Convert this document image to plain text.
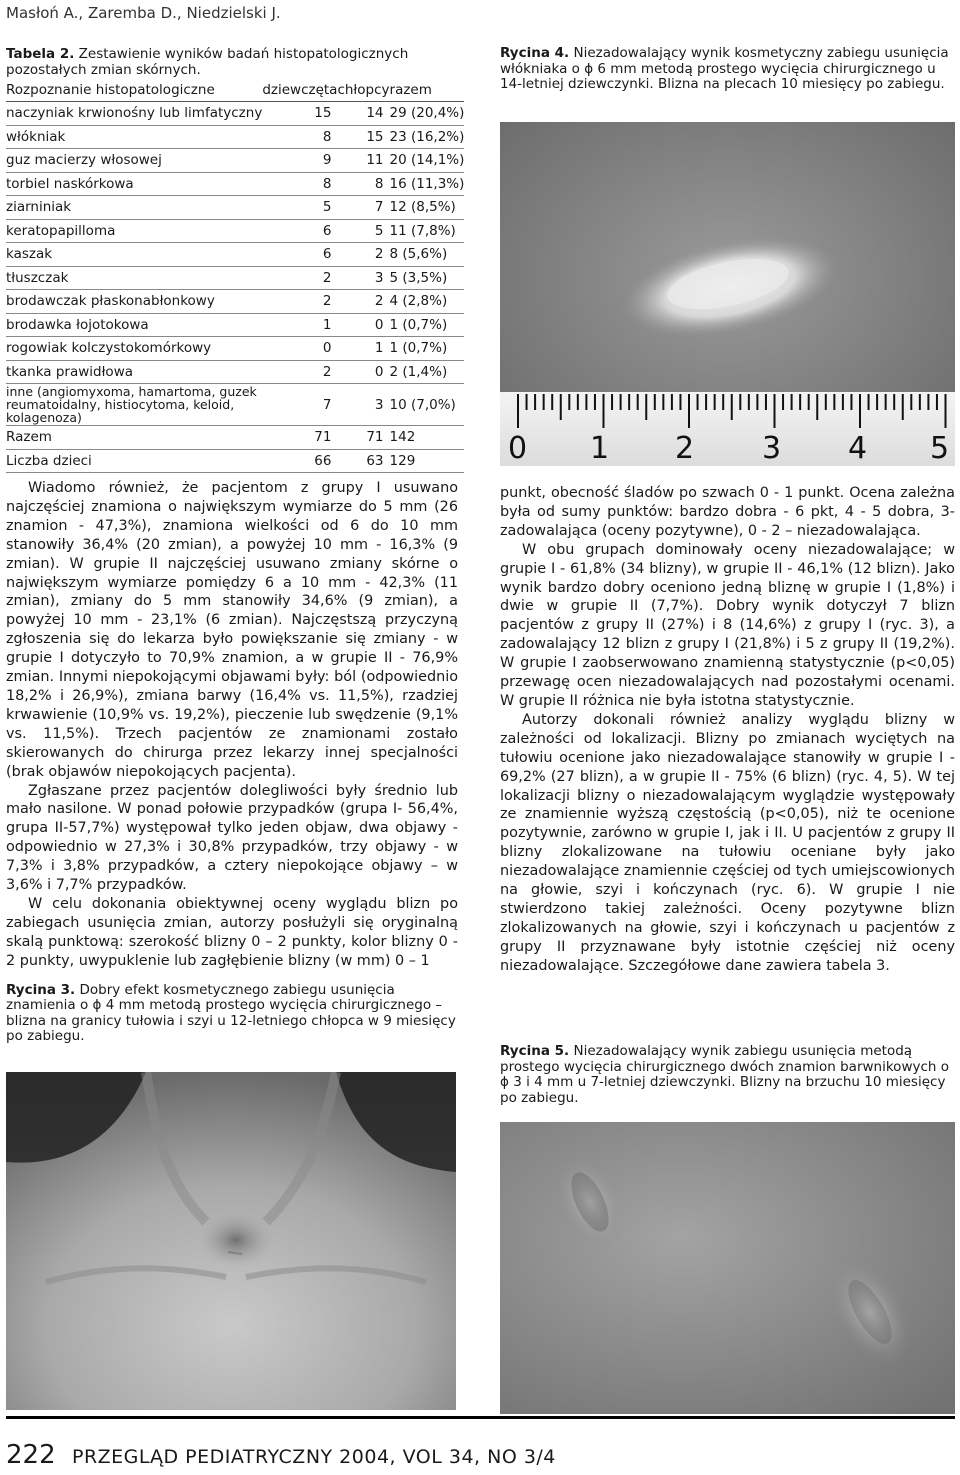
Masłoń A., Zaremba D., Niedzielski J.

Tabela 2. Zestawienie wyników badań histopatologicznych pozostałych zmian skórnych.

Rozpoznanie histopatologiczne	dziewczęta	chłopcy	razem
naczyniak krwionośny lub limfatyczny	15	14	29 (20,4%)
włókniak	8	15	23 (16,2%)
guz macierzy włosowej	9	11	20 (14,1%)
torbiel naskórkowa	8	8	16 (11,3%)
ziarniniak	5	7	12 (8,5%)
keratopapilloma	6	5	11 (7,8%)
kaszak	6	2	8 (5,6%)
tłuszczak	2	3	5 (3,5%)
brodawczak płaskonabłonkowy	2	2	4 (2,8%)
brodawka łojotokowa	1	0	1 (0,7%)
rogowiak kolczystokomórkowy	0	1	1 (0,7%)
tkanka prawidłowa	2	0	2 (1,4%)
inne (angiomyxoma, hamartoma, guzek reumatoidalny, histiocytoma, keloid, kolagenoza)	7	3	10 (7,0%)
Razem	71	71	142
Liczba dzieci	66	63	129

Wiadomo również, że pacjentom z grupy I usuwano najczęściej znamiona o największym wymiarze do 5 mm (26 znamion - 47,3%), znamiona wielkości od 6 do 10 mm stanowiły 36,4% (20 zmian), a powyżej 10 mm - 16,3% (9 zmian). W grupie II najczęściej usuwano zmiany skórne o największym wymiarze pomiędzy 6 a 10 mm - 42,3% (11 zmian), zmiany do 5 mm stanowiły 34,6% (9 zmian), a powyżej 10 mm - 23,1% (6 zmian). Najczęstszą przyczyną zgłoszenia się do lekarza było powiększanie się zmiany - w grupie I dotyczyło to 70,9% znamion, a w grupie II - 76,9% zmian. Innymi niepokojącymi objawami były: ból (odpowiednio 18,2% i 26,9%), zmiana barwy (16,4% vs. 11,5%), rzadziej krwawienie (10,9% vs. 19,2%), pieczenie lub swędzenie (9,1% vs. 11,5%). Trzech pacjentów ze znamionami zostało skierowanych do chirurga przez lekarzy innej specjalności (brak objawów niepokojących pacjenta).

Zgłaszane przez pacjentów dolegliwości były średnio lub mało nasilone. W ponad połowie przypadków (grupa I- 56,4%, grupa II-57,7%) występował tylko jeden objaw, dwa objawy - odpowiednio w 27,3% i 30,8% przypadków, trzy objawy - w 7,3% i 3,8% przypadków, a cztery niepokojące objawy – w 3,6% i 7,7% przypadków.

W celu dokonania obiektywnej oceny wyglądu blizn po zabiegach usunięcia zmian, autorzy posłużyli się oryginalną skalą punktową: szerokość blizny 0 – 2 punkty, kolor blizny 0 - 2 punkty, uwypuklenie lub zagłębienie blizny (w mm) 0 – 1

Rycina 3. Dobry efekt kosmetycznego zabiegu usunięcia znamienia o ϕ 4 mm metodą prostego wycięcia chirurgicznego – blizna na granicy tułowia i szyi u 12-letniego chłopca w 9 miesięcy po zabiegu.

Rycina 4. Niezadowalający wynik kosmetyczny zabiegu usunięcia włókniaka o ϕ 6 mm metodą prostego wycięcia chirurgicznego u 14-letniej dziewczynki. Blizna na plecach 10 miesięcy po zabiegu.

punkt, obecność śladów po szwach 0 - 1 punkt. Ocena zależna była od sumy punktów: bardzo dobra - 6 pkt, 4 - 5 dobra, 3- zadowalająca (oceny pozytywne), 0 - 2 – niezadowalająca.

W obu grupach dominowały oceny niezadowalające; w grupie I - 61,8% (34 blizny), w grupie II - 46,1% (12 blizn). Jako wynik bardzo dobry oceniono jedną bliznę w grupie I (1,8%) i dwie w grupie II (7,7%). Dobry wynik dotyczył 7 blizn pacjentów z grupy II (27%) i 8 (14,6%) z grupy I (ryc. 3), a zadowalający 12 blizn z grupy I (21,8%) i 5 z grupy II (19,2%). W grupie I zaobserwowano znamienną statystycznie (p<0,05) przewagę ocen niezadowalających nad pozostałymi ocenami. W grupie II różnica nie była istotna statystycznie.

Autorzy dokonali również analizy wyglądu blizny w zależności od lokalizacji. Blizny po zmianach wyciętych na tułowiu ocenione jako niezadowalające stanowiły w grupie I - 69,2% (27 blizn), a w grupie II - 75% (6 blizn) (ryc. 4, 5). W tej lokalizacji blizny o niezadowalającym wyglądzie występowały ze znamiennie wyższą częstością (p<0,05), niż te ocenione pozytywnie, zarówno w grupie I, jak i II. U pacjentów z grupy II blizny zlokalizowane na tułowiu oceniane były jako niezadowalające znamiennie częściej od tych umiejscowionych na głowie, szyi i kończynach (ryc. 6). W grupie I nie stwierdzono takiej zależności. Oceny pozytywne blizn zlokalizowanych na głowie, szyi i kończynach u pacjentów z grupy II przyznawane były istotnie częściej niż oceny niezadowalające. Szczegółowe dane zawiera tabela 3.

Rycina 5. Niezadowalający wynik zabiegu usunięcia metodą prostego wycięcia chirurgicznego dwóch znamion barwnikowych o ϕ 3 i 4 mm u 7-letniej dziewczynki. Blizny na brzuchu 10 miesięcy po zabiegu.

0 1 2 3 4 5
222 PRZEGLĄD PEDIATRYCZNY 2004, VOL 34, NO 3/4
